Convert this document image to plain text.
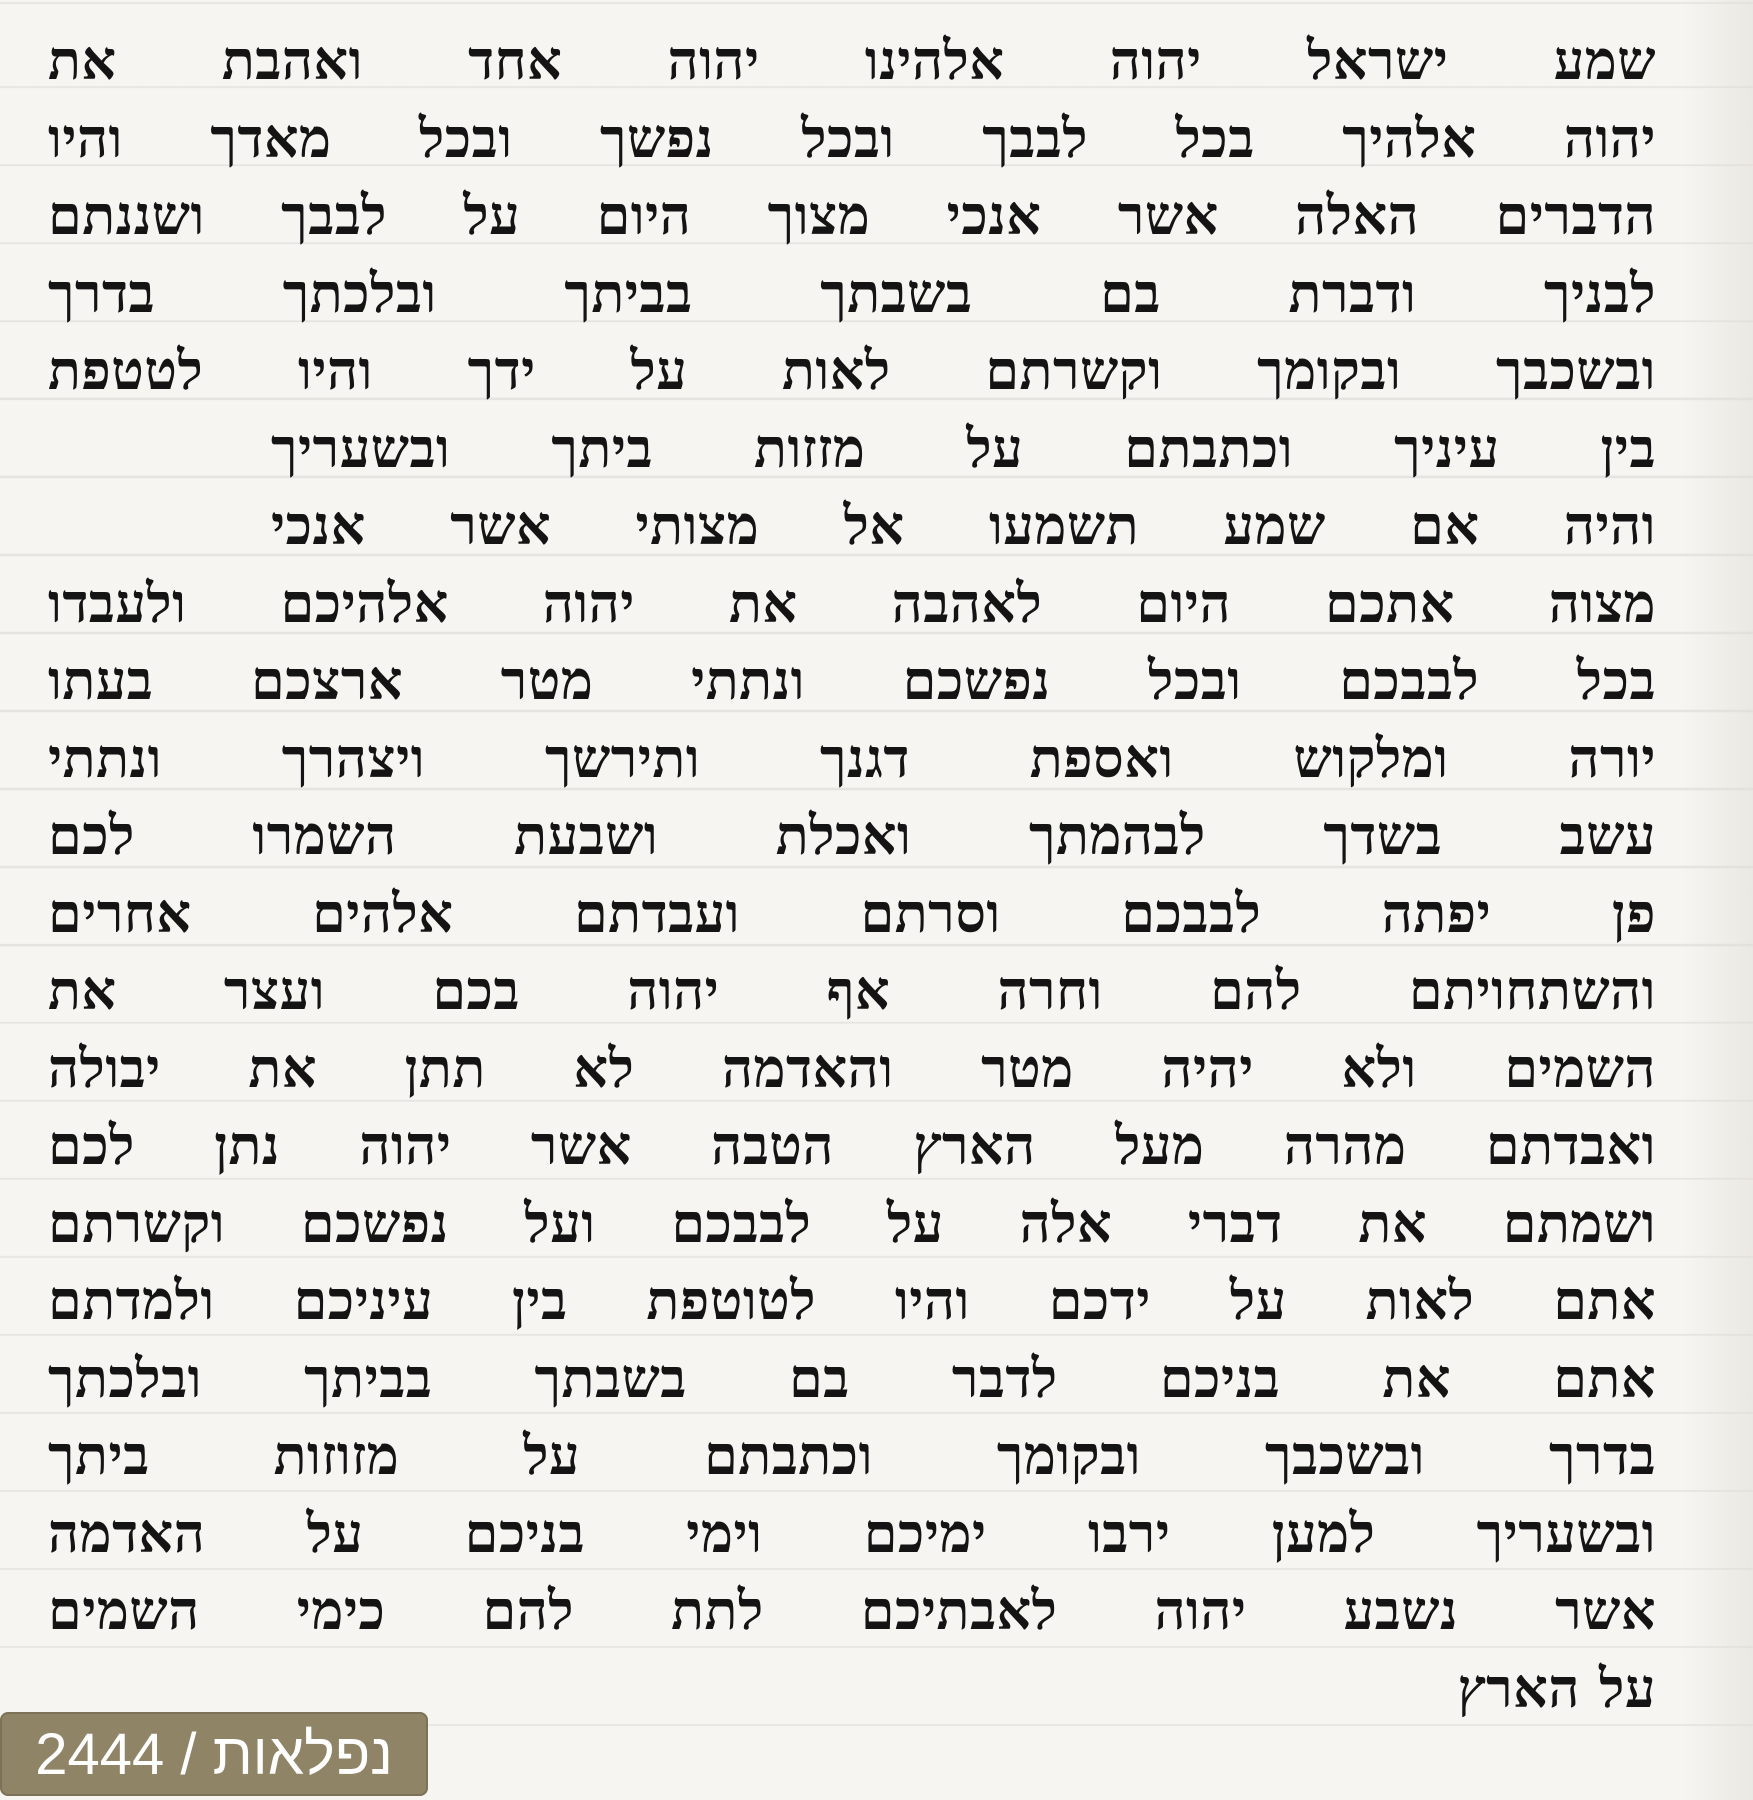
שמע ישראל יהוה אלהינו יהוה אחד ואהבת את
יהוה אלהיך בכל לבבך ובכל נפשך ובכל מאדך והיו
הדברים האלה אשר אנכי מצוך היום על לבבך ושננתם
לבניך ודברת בם בשבתך בביתך ובלכתך בדרך
ובשכבך ובקומך וקשרתם לאות על ידך והיו לטטפת
בין עיניך וכתבתם על מזזות ביתך ובשעריך
והיה אם שמע תשמעו אל מצותי אשר אנכי
מצוה אתכם היום לאהבה את יהוה אלהיכם ולעבדו
בכל לבבכם ובכל נפשכם ונתתי מטר ארצכם בעתו
יורה ומלקוש ואספת דגנך ותירשך ויצהרך ונתתי
עשב בשדך לבהמתך ואכלת ושבעת השמרו לכם
פן יפתה לבבכם וסרתם ועבדתם אלהים אחרים
והשתחויתם להם וחרה אף יהוה בכם ועצר את
השמים ולא יהיה מטר והאדמה לא תתן את יבולה
ואבדתם מהרה מעל הארץ הטבה אשר יהוה נתן לכם
ושמתם את דברי אלה על לבבכם ועל נפשכם וקשרתם
אתם לאות על ידכם והיו לטוטפת בין עיניכם ולמדתם
אתם את בניכם לדבר בם בשבתך בביתך ובלכתך
בדרך ובשכבך ובקומך וכתבתם על מזוזות ביתך
ובשעריך למען ירבו ימיכם וימי בניכם על האדמה
אשר נשבע יהוה לאבתיכם לתת להם כימי השמים
על הארץ
נפלאות / 2444
